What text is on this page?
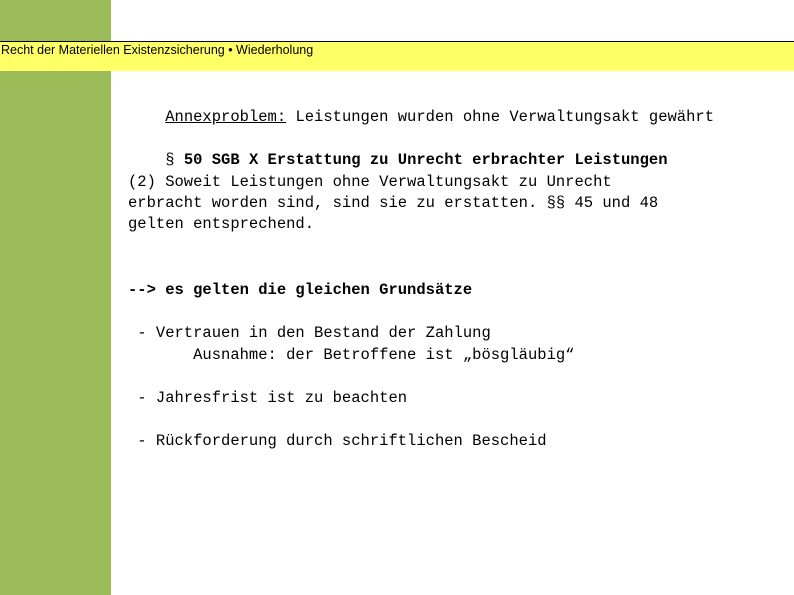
Recht der Materiellen Existenzsicherung • Wiederholung

Annexproblem: Leistungen wurden ohne Verwaltungsakt gewährt

§ 50 SGB X Erstattung zu Unrecht erbrachter Leistungen

(2) Soweit Leistungen ohne Verwaltungsakt zu Unrecht
erbracht worden sind, sind sie zu erstatten. §§ 45 und 48
gelten entsprechend.
--> es gelten die gleichen Grundsätze
- Vertrauen in den Bestand der Zahlung
Ausnahme: der Betroffene ist „bösgläubig“
- Jahresfrist ist zu beachten
- Rückforderung durch schriftlichen Bescheid
